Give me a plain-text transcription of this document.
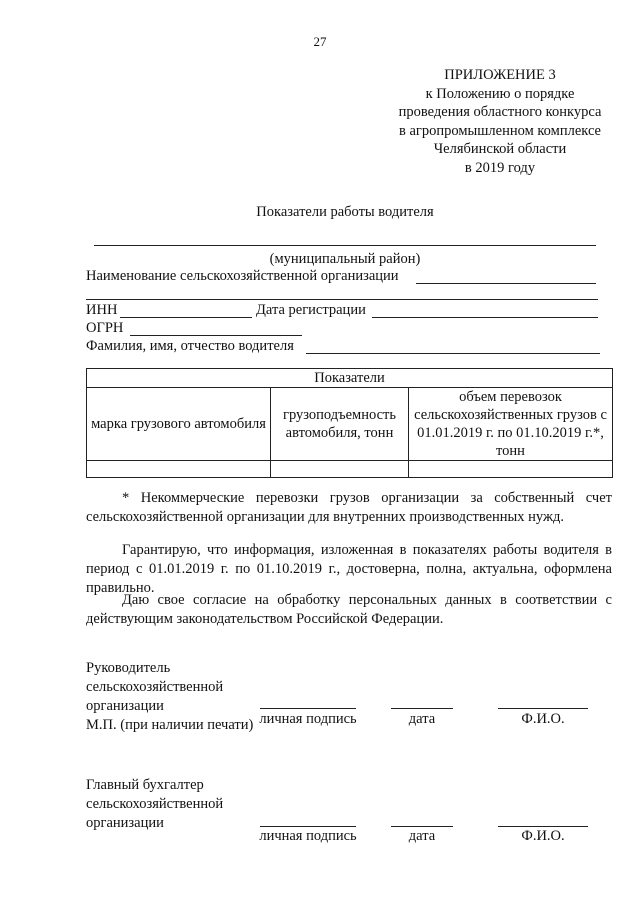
27
ПРИЛОЖЕНИЕ 3
к Положению о порядке
проведения областного конкурса
в агропромышленном комплексе
Челябинской области
в 2019 году
Показатели работы водителя
(муниципальный район)
Наименование сельскохозяйственной организации
ИНН	Дата регистрации
ОГРН
Фамилия, имя, отчество водителя
Показатели		
марка грузового автомобиля	грузоподъемность автомобиля, тонн	объем перевозок сельскохозяйственных грузов с 01.01.2019 г. по 01.10.2019 г.*, тонн

* Некоммерческие перевозки грузов организации за собственный счет сельскохозяйственной организации для внутренних производственных нужд.
Гарантирую, что информация, изложенная в показателях работы водителя в период с 01.01.2019 г. по 01.10.2019 г., достоверна, полна, актуальна, оформлена правильно.
Даю свое согласие на обработку персональных данных в соответствии с действующим законодательством Российской Федерации.
Руководитель сельскохозяйственной организации
М.П. (при наличии печати) личная подпись	дата	Ф.И.О.
Главный бухгалтер сельскохозяйственной организации
личная подпись	дата	Ф.И.О.
